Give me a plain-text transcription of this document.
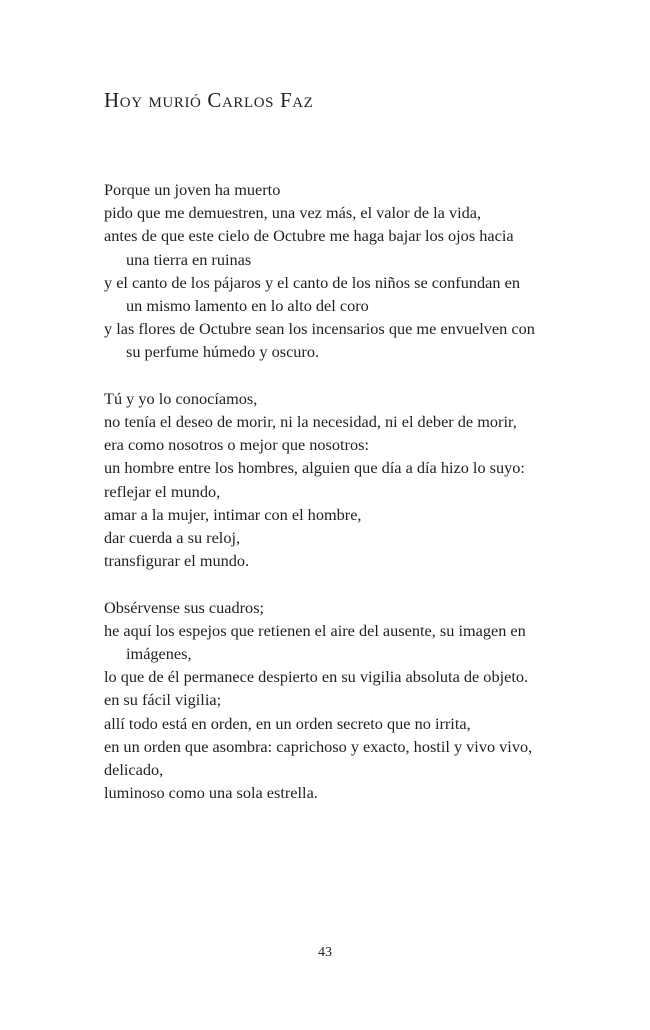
Hoy murió Carlos Faz

Porque un joven ha muerto
pido que me demuestren, una vez más, el valor de la vida,
antes de que este cielo de Octubre me haga bajar los ojos hacia
una tierra en ruinas
y el canto de los pájaros y el canto de los niños se confundan en
un mismo lamento en lo alto del coro
y las flores de Octubre sean los incensarios que me envuelven con
su perfume húmedo y oscuro.

Tú y yo lo conocíamos,
no tenía el deseo de morir, ni la necesidad, ni el deber de morir,
era como nosotros o mejor que nosotros:
un hombre entre los hombres, alguien que día a día hizo lo suyo:
reflejar el mundo,
amar a la mujer, intimar con el hombre,
dar cuerda a su reloj,
transfigurar el mundo.

Obsérvense sus cuadros;
he aquí los espejos que retienen el aire del ausente, su imagen en
imágenes,
lo que de él permanece despierto en su vigilia absoluta de objeto.
en su fácil vigilia;
allí todo está en orden, en un orden secreto que no irrita,
en un orden que asombra: caprichoso y exacto, hostil y vivo vivo,
delicado,
luminoso como una sola estrella.

43
